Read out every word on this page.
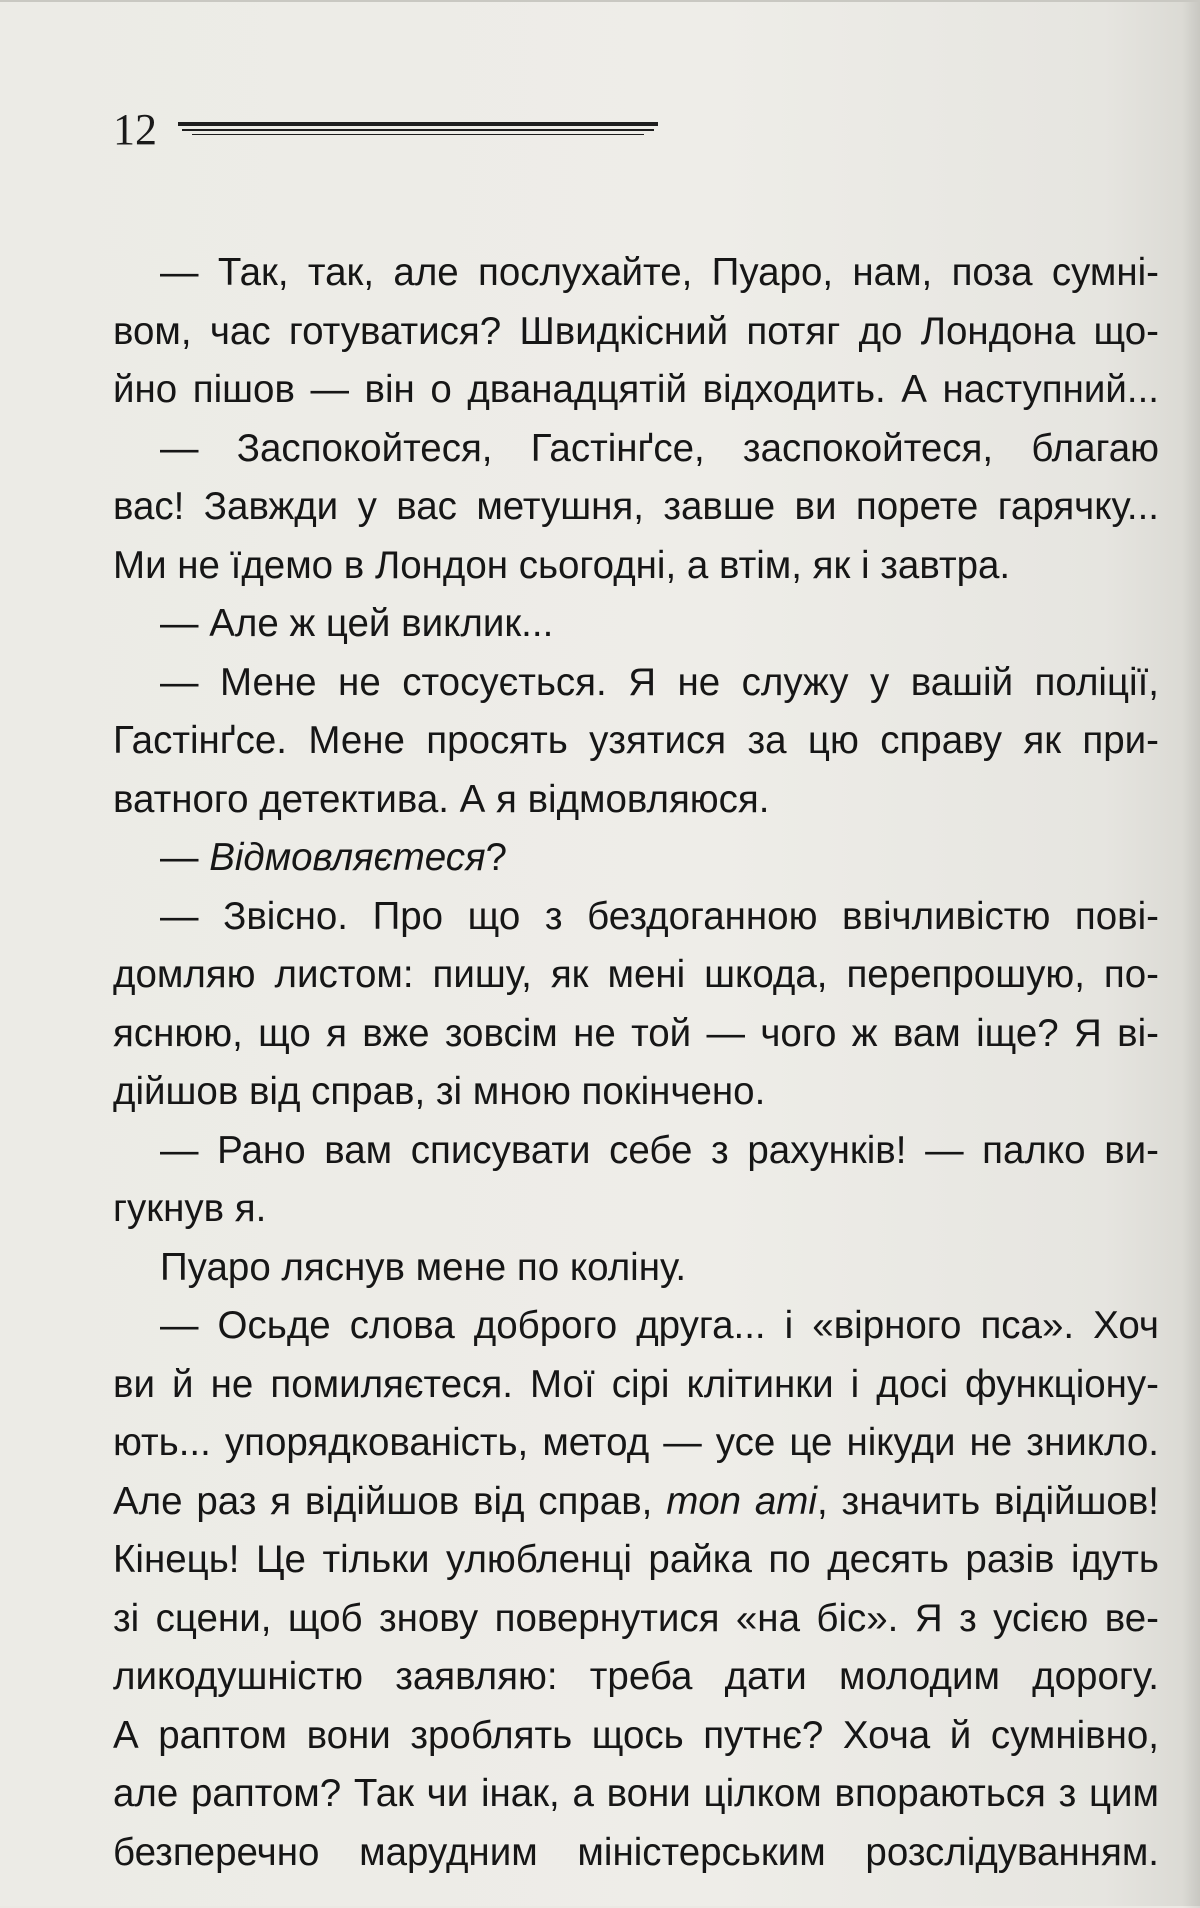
12
— Так, так, але послухайте, Пуаро, нам, поза сумні-
вом, час готуватися? Швидкісний потяг до Лондона що-
йно пішов — він о дванадцятій відходить. А наступний...
— Заспокойтеся, Гастінґсе, заспокойтеся, благаю
вас! Завжди у вас метушня, завше ви порете гарячку...
Ми не їдемо в Лондон сьогодні, а втім, як і завтра.
— Але ж цей виклик...
— Мене не стосується. Я не служу у вашій поліції,
Гастінґсе. Мене просять узятися за цю справу як при-
ватного детектива. А я відмовляюся.
— Відмовляєтеся?
— Звісно. Про що з бездоганною ввічливістю пові-
домляю листом: пишу, як мені шкода, перепрошую, по-
яснюю, що я вже зовсім не той — чого ж вам іще? Я ві-
дійшов від справ, зі мною покінчено.
— Рано вам списувати себе з рахунків! — палко ви-
гукнув я.
Пуаро ляснув мене по коліну.
— Осьде слова доброго друга... і «вірного пса». Хоч
ви й не помиляєтеся. Мої сірі клітинки і досі функціону-
ють... упорядкованість, метод — усе це нікуди не зникло.
Але раз я відійшов від справ, mon ami, значить відійшов!
Кінець! Це тільки улюбленці райка по десять разів ідуть
зі сцени, щоб знову повернутися «на біс». Я з усією ве-
ликодушністю заявляю: треба дати молодим дорогу.
А раптом вони зроблять щось путнє? Хоча й сумнівно,
але раптом? Так чи інак, а вони цілком впораються з цим
безперечно марудним міністерським розслідуванням.
